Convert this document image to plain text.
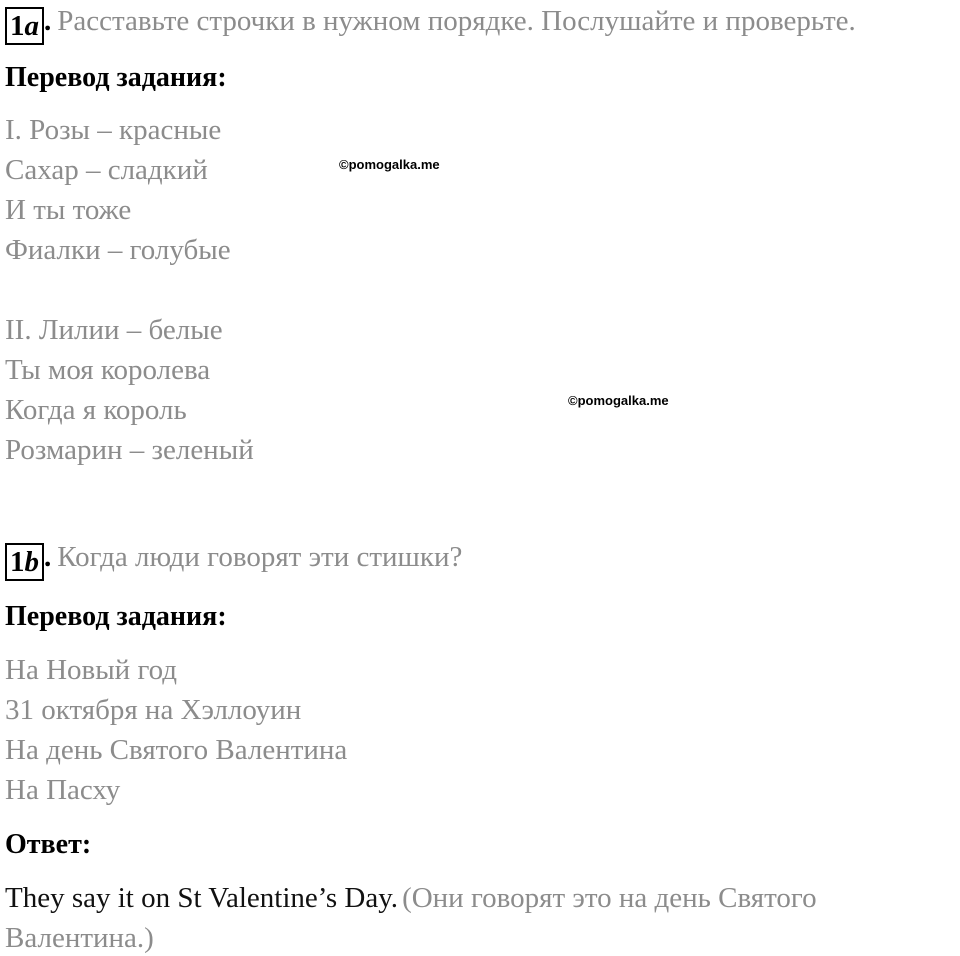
1a . Расставьте строчки в нужном порядке. Послушайте и проверьте.
Перевод задания:
I. Розы – красные
Сахар – сладкий
И ты тоже
Фиалки – голубые
©pomogalka.me
II. Лилии – белые
Ты моя королева
Когда я король
Розмарин – зеленый
©pomogalka.me
1b . Когда люди говорят эти стишки?
Перевод задания:
На Новый год
31 октября на Хэллоуин
На день Святого Валентина
На Пасху
Ответ:
They say it on St Valentine’s Day. (Они говорят это на день Святого
Валентина.)
